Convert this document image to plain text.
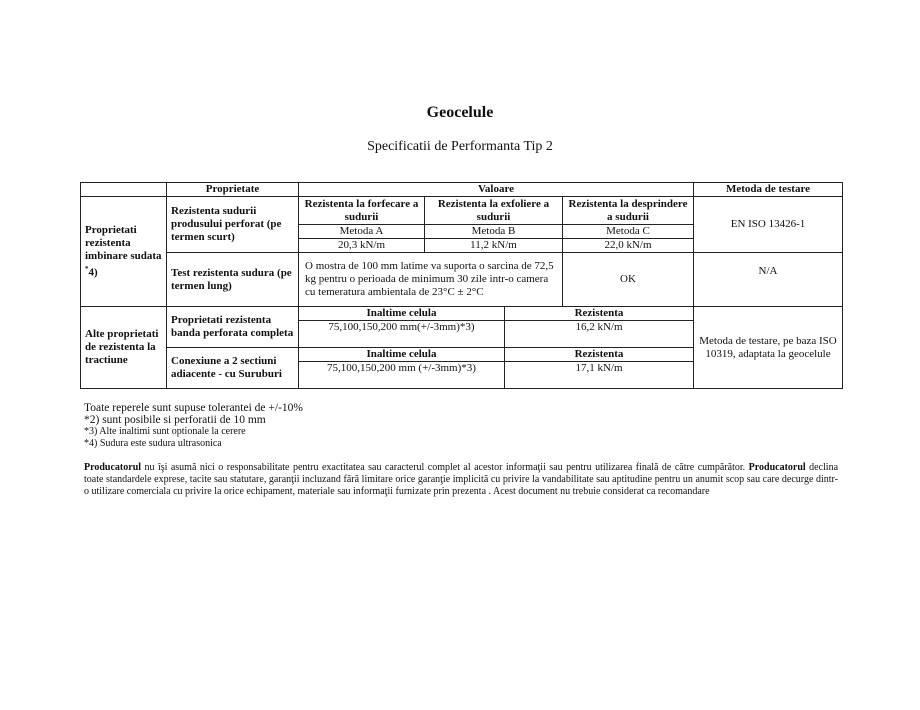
Geocelule
Specificatii de Performanta Tip 2
	Proprietate	Valoare				Metoda de testare
Proprietati rezistenta imbinare sudata *4)	Rezistenta sudurii produsului perforat (pe termen scurt)	Rezistenta la forfecare a sudurii	Rezistenta la exfoliere a sudurii		Rezistenta la desprindere a sudurii	EN ISO 13426-1
		Metoda A	Metoda B		Metoda C	
		20,3 kN/m	11,2 kN/m		22,0 kN/m	
	Test rezistenta sudura (pe termen lung)	O mostra de 100 mm latime va suporta o sarcina de 72,5 kg pentru o perioada de minimum 30 zile intr-o camera cu temeratura ambientala de 23°C ± 2°C			OK	N/A
Alte proprietati de rezistenta la tractiune	Proprietati rezistenta banda perforata completa	Inaltime celula		Rezistenta		Metoda de testare, pe baza ISO 10319, adaptata la geocelule
		75,100,150,200 mm(+/-3mm)*3)		16,2 kN/m		
	Conexiune a 2 sectiuni adiacente - cu Suruburi	Inaltime celula		Rezistenta		
		75,100,150,200 mm (+/-3mm)*3)		17,1 kN/m		
Toate reperele sunt supuse tolerantei de +/-10%
*2) sunt posibile si perforatii de 10 mm
*3) Alte inaltimi sunt optionale la cerere
*4) Sudura este sudura ultrasonica
Producatorul nu îşi asumă nici o responsabilitate pentru exactitatea sau caracterul complet al acestor informaţii sau pentru utilizarea finală de către cumpărător. Producatorul declina toate standardele exprese, tacite sau statutare, garanţii incluzand fără limitare orice garanţie implicită cu privire la vandabilitate sau aptitudine pentru un anumit scop sau care decurge dintr-o utilizare comerciala cu privire la orice echipament, materiale sau informaţii furnizate prin prezenta . Acest document nu trebuie considerat ca recomandare
